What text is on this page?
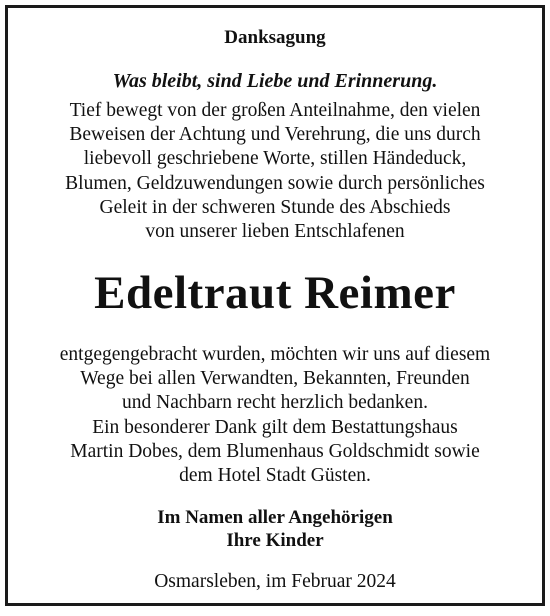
Danksagung
Was bleibt, sind Liebe und Erinnerung.
Tief bewegt von der großen Anteilnahme, den vielen
Beweisen der Achtung und Verehrung, die uns durch
liebevoll geschriebene Worte, stillen Händeduck,
Blumen, Geldzuwendungen sowie durch persönliches
Geleit in der schweren Stunde des Abschieds
von unserer lieben Entschlafenen
Edeltraut Reimer
entgegengebracht wurden, möchten wir uns auf diesem
Wege bei allen Verwandten, Bekannten, Freunden
und Nachbarn recht herzlich bedanken.
Ein besonderer Dank gilt dem Bestattungshaus
Martin Dobes, dem Blumenhaus Goldschmidt sowie
dem Hotel Stadt Güsten.
Im Namen aller Angehörigen
Ihre Kinder
Osmarsleben, im Februar 2024
